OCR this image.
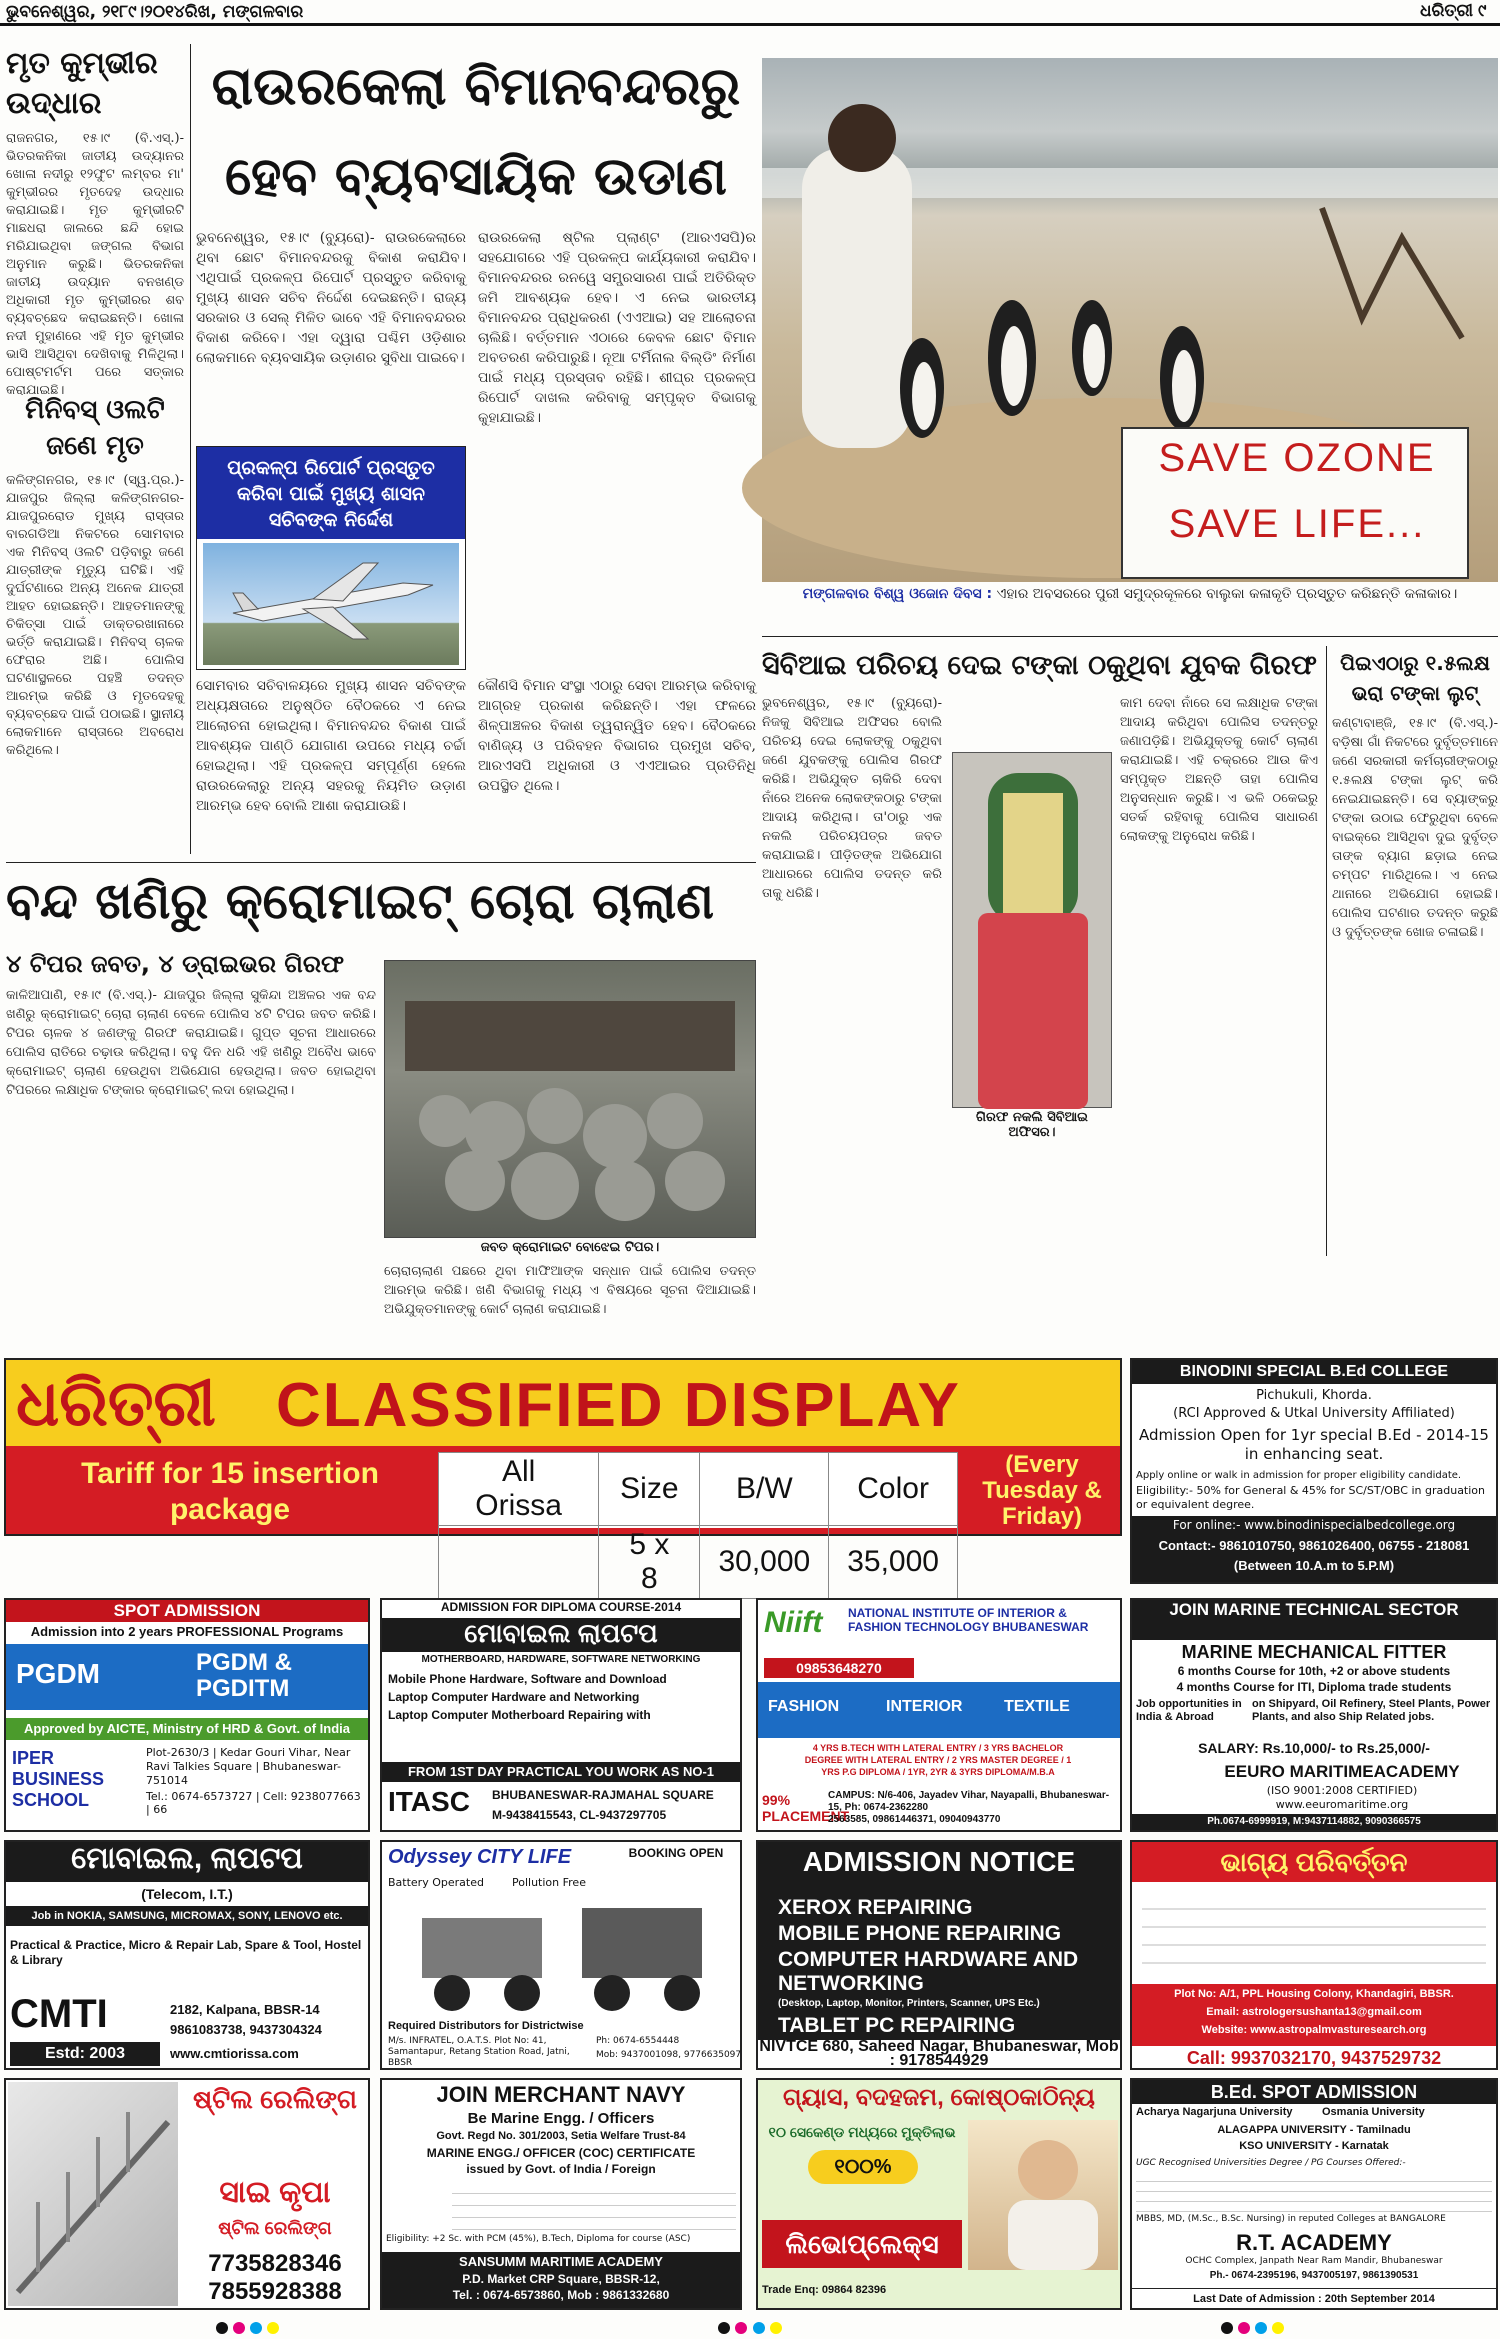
ଭୁବନେଶ୍ୱର, ୨୧୮୯।୨୦୧୪ରିଖ, ମଙ୍ଗଳବାର	ଧରିତ୍ରୀ ୯
ମୃତ କୁମ୍ଭୀର ଉଦ୍ଧାର
ରାଜନଗର, ୧୫।୯ (ବି.ଏସ୍.)- ଭିତରକନିକା ଜାତୀୟ ଉଦ୍ୟାନର ଖୋଳା ନଦୀରୁ ୧୨ଫୁଟ ଲମ୍ବର ମା' କୁମ୍ଭୀରର ମୃତଦେହ ଉଦ୍ଧାର କରାଯାଇଛି। ମୃତ କୁମ୍ଭୀରଟି ମାଛଧରା ଜାଲରେ ଛନ୍ଦି ହୋଇ ମରିଯାଇଥିବା ଜଙ୍ଗଲ ବିଭାଗ ଅନୁମାନ କରୁଛି। ଭିତରକନିକା ଜାତୀୟ ଉଦ୍ୟାନ ବନଖଣ୍ଡ ଅଧିକାରୀ ମୃତ କୁମ୍ଭୀରର ଶବ ବ୍ୟବଚ୍ଛେଦ କରାଇଛନ୍ତି। ଖୋଳା ନଦୀ ମୁହାଣରେ ଏହି ମୃତ କୁମ୍ଭୀର ଭାସି ଆସିଥିବା ଦେଖିବାକୁ ମିଳିଥିଲା। ପୋଷ୍ଟମର୍ଟମ ପରେ ସତ୍କାର କରାଯାଇଛି।
ମିନିବସ୍ ଓଲଟି ଜଣେ ମୃତ
କଳିଙ୍ଗନଗର, ୧୫।୯ (ସ୍ୱ.ପ୍ର.)- ଯାଜପୁର ଜିଲ୍ଲା କଳିଙ୍ଗନଗର-ଯାଜପୁରରୋଡ ମୁଖ୍ୟ ରାସ୍ତାର ବାରଗଡିଆ ନିକଟରେ ସୋମବାର ଏକ ମିନିବସ୍ ଓଲଟି ପଡ଼ିବାରୁ ଜଣେ ଯାତ୍ରୀଙ୍କ ମୃତ୍ୟୁ ଘଟିଛି। ଏହି ଦୁର୍ଘଟଣାରେ ଅନ୍ୟ ଅନେକ ଯାତ୍ରୀ ଆହତ ହୋଇଛନ୍ତି। ଆହତମାନଙ୍କୁ ଚିକିତ୍ସା ପାଇଁ ଡାକ୍ତରଖାନାରେ ଭର୍ତ୍ତି କରାଯାଇଛି। ମିନିବସ୍ ଚାଳକ ଫେରାର ଅଛି। ପୋଲିସ ଘଟଣାସ୍ଥଳରେ ପହଞ୍ଚି ତଦନ୍ତ ଆରମ୍ଭ କରିଛି ଓ ମୃତଦେହକୁ ବ୍ୟବଚ୍ଛେଦ ପାଇଁ ପଠାଇଛି। ସ୍ଥାନୀୟ ଲୋକମାନେ ରାସ୍ତାରେ ଅବରୋଧ କରିଥିଲେ।
ରାଉରକେଲା ବିମାନବନ୍ଦରରୁ
ହେବ ବ୍ୟବସାୟିକ ଉଡାଣ
ଭୁବନେଶ୍ୱର, ୧୫।୯ (ବ୍ୟୁରୋ)- ରାଉରକେଲାରେ ଥିବା ଛୋଟ ବିମାନବନ୍ଦରକୁ ବିକାଶ କରାଯିବ। ଏଥିପାଇଁ ପ୍ରକଳ୍ପ ରିପୋର୍ଟ ପ୍ରସ୍ତୁତ କରିବାକୁ ମୁଖ୍ୟ ଶାସନ ସଚିବ ନିର୍ଦ୍ଦେଶ ଦେଇଛନ୍ତି। ରାଜ୍ୟ ସରକାର ଓ ସେଲ୍ ମିଳିତ ଭାବେ ଏହି ବିମାନବନ୍ଦରର ବିକାଶ କରିବେ। ଏହା ଦ୍ୱାରା ପଶ୍ଚିମ ଓଡ଼ିଶାର ଲୋକମାନେ ବ୍ୟବସାୟିକ ଉଡ଼ାଣର ସୁବିଧା ପାଇବେ।
ରାଉରକେଲା ଷ୍ଟିଲ ପ୍ଲାଣ୍ଟ (ଆରଏସପି)ର ସହଯୋଗରେ ଏହି ପ୍ରକଳ୍ପ କାର୍ଯ୍ୟକାରୀ କରାଯିବ। ବିମାନବନ୍ଦରର ରନୱେ ସମ୍ପ୍ରସାରଣ ପାଇଁ ଅତିରିକ୍ତ ଜମି ଆବଶ୍ୟକ ହେବ। ଏ ନେଇ ଭାରତୀୟ ବିମାନବନ୍ଦର ପ୍ରାଧିକରଣ (ଏଏଆଇ) ସହ ଆଲୋଚନା ଚାଲିଛି। ବର୍ତ୍ତମାନ ଏଠାରେ କେବଳ ଛୋଟ ବିମାନ ଅବତରଣ କରିପାରୁଛି। ନୂଆ ଟର୍ମିନାଲ ବିଲ୍ଡିଂ ନିର୍ମାଣ ପାଇଁ ମଧ୍ୟ ପ୍ରସ୍ତାବ ରହିଛି। ଶୀଘ୍ର ପ୍ରକଳ୍ପ ରିପୋର୍ଟ ଦାଖଲ କରିବାକୁ ସମ୍ପୃକ୍ତ ବିଭାଗକୁ କୁହାଯାଇଛି।
ପ୍ରକଳ୍ପ ରିପୋର୍ଟ ପ୍ରସ୍ତୁତ କରିବା ପାଇଁ ମୁଖ୍ୟ ଶାସନ ସଚିବଙ୍କ ନିର୍ଦ୍ଦେଶ
ସୋମବାର ସଚିବାଳୟରେ ମୁଖ୍ୟ ଶାସନ ସଚିବଙ୍କ ଅଧ୍ୟକ୍ଷତାରେ ଅନୁଷ୍ଠିତ ବୈଠକରେ ଏ ନେଇ ଆଲୋଚନା ହୋଇଥିଲା। ବିମାନବନ୍ଦର ବିକାଶ ପାଇଁ ଆବଶ୍ୟକ ପାଣ୍ଠି ଯୋଗାଣ ଉପରେ ମଧ୍ୟ ଚର୍ଚ୍ଚା ହୋଇଥିଲା। ଏହି ପ୍ରକଳ୍ପ ସମ୍ପୂର୍ଣ୍ଣ ହେଲେ ରାଉରକେଲାରୁ ଅନ୍ୟ ସହରକୁ ନିୟମିତ ଉଡ଼ାଣ ଆରମ୍ଭ ହେବ ବୋଲି ଆଶା କରାଯାଉଛି।
କୌଣସି ବିମାନ ସଂସ୍ଥା ଏଠାରୁ ସେବା ଆରମ୍ଭ କରିବାକୁ ଆଗ୍ରହ ପ୍ରକାଶ କରିଛନ୍ତି। ଏହା ଫଳରେ ଶିଳ୍ପାଞ୍ଚଳର ବିକାଶ ତ୍ୱରାନ୍ୱିତ ହେବ। ବୈଠକରେ ବାଣିଜ୍ୟ ଓ ପରିବହନ ବିଭାଗର ପ୍ରମୁଖ ସଚିବ, ଆରଏସପି ଅଧିକାରୀ ଓ ଏଏଆଇର ପ୍ରତିନିଧି ଉପସ୍ଥିତ ଥିଲେ।
SAVE OZONE
SAVE LIFE...
ମଙ୍ଗଳବାର ବିଶ୍ୱ ଓଜୋନ ଦିବସ : ଏହାର ଅବସରରେ ପୁରୀ ସମୁଦ୍ରକୂଳରେ ବାଲୁକା କଳାକୃତି ପ୍ରସ୍ତୁତ କରିଛନ୍ତି କଳାକାର।
ସିବିଆଇ ପରିଚୟ ଦେଇ ଟଙ୍କା ଠକୁଥିବା ଯୁବକ ଗିରଫ
ଭୁବନେଶ୍ୱର, ୧୫।୯ (ବ୍ୟୁରୋ)- ନିଜକୁ ସିବିଆଇ ଅଫିସର ବୋଲି ପରିଚୟ ଦେଇ ଲୋକଙ୍କୁ ଠକୁଥିବା ଜଣେ ଯୁବକଙ୍କୁ ପୋଲିସ ଗିରଫ କରିଛି। ଅଭିଯୁକ୍ତ ଚାକିରି ଦେବା ନାଁରେ ଅନେକ ଲୋକଙ୍କଠାରୁ ଟଙ୍କା ଆଦାୟ କରିଥିଲା। ତା'ଠାରୁ ଏକ ନକଲି ପରିଚୟପତ୍ର ଜବତ କରାଯାଇଛି। ପୀଡ଼ିତଙ୍କ ଅଭିଯୋଗ ଆଧାରରେ ପୋଲିସ ତଦନ୍ତ କରି ତାକୁ ଧରିଛି।
ଗିରଫ ନକଲି ସିବିଆଇ ଅଫିସର।
କାମ ଦେବା ନାଁରେ ସେ ଲକ୍ଷାଧିକ ଟଙ୍କା ଆଦାୟ କରିଥିବା ପୋଲିସ ତଦନ୍ତରୁ ଜଣାପଡ଼ିଛି। ଅଭିଯୁକ୍ତକୁ କୋର୍ଟ ଚାଲାଣ କରାଯାଇଛି। ଏହି ଚକ୍ରରେ ଆଉ କିଏ ସମ୍ପୃକ୍ତ ଅଛନ୍ତି ତାହା ପୋଲିସ ଅନୁସନ୍ଧାନ କରୁଛି। ଏ ଭଳି ଠକେଇରୁ ସତର୍କ ରହିବାକୁ ପୋଲିସ ସାଧାରଣ ଲୋକଙ୍କୁ ଅନୁରୋଧ କରିଛି।
ପିଇଏଠାରୁ ୧.୫ଲକ୍ଷ ଭରା ଟଙ୍କା ଲୁଟ୍
କଣ୍ଟାବାଞ୍ଜି, ୧୫।୯ (ବି.ଏସ୍.)- ବଡ଼ିଷା ଗାଁ ନିକଟରେ ଦୁର୍ବୃତ୍ତମାନେ ଜଣେ ସରକାରୀ କର୍ମଚାରୀଙ୍କଠାରୁ ୧.୫ଲକ୍ଷ ଟଙ୍କା ଲୁଟ୍ କରି ନେଇଯାଇଛନ୍ତି। ସେ ବ୍ୟାଙ୍କରୁ ଟଙ୍କା ଉଠାଇ ଫେରୁଥିବା ବେଳେ ବାଇକ୍‌ରେ ଆସିଥିବା ଦୁଇ ଦୁର୍ବୃତ୍ତ ତାଙ୍କ ବ୍ୟାଗ ଛଡ଼ାଇ ନେଇ ଚମ୍ପଟ ମାରିଥିଲେ। ଏ ନେଇ ଥାନାରେ ଅଭିଯୋଗ ହୋଇଛି। ପୋଲିସ ଘଟଣାର ତଦନ୍ତ କରୁଛି ଓ ଦୁର୍ବୃତ୍ତଙ୍କ ଖୋଜ ଚଳାଇଛି।
ବନ୍ଦ ଖଣିରୁ କ୍ରୋମାଇଟ୍ ଚୋରା ଚାଲାଣ
୪ ଟିପର ଜବତ, ୪ ଡ୍ରାଇଭର ଗିରଫ
କାଳିଆପାଣି, ୧୫।୯ (ବି.ଏସ୍.)- ଯାଜପୁର ଜିଲ୍ଲା ସୁକିନ୍ଦା ଅଞ୍ଚଳର ଏକ ବନ୍ଦ ଖଣିରୁ କ୍ରୋମାଇଟ୍ ଚୋରା ଚାଲାଣ ବେଳେ ପୋଲିସ ୪ଟି ଟିପର ଜବତ କରିଛି। ଟିପର ଚାଳକ ୪ ଜଣଙ୍କୁ ଗିରଫ କରାଯାଇଛି। ଗୁପ୍ତ ସୂଚନା ଆଧାରରେ ପୋଲିସ ରାତିରେ ଚଢ଼ାଉ କରିଥିଲା। ବହୁ ଦିନ ଧରି ଏହି ଖଣିରୁ ଅବୈଧ ଭାବେ କ୍ରୋମାଇଟ୍ ଚାଲାଣ ହେଉଥିବା ଅଭିଯୋଗ ହେଉଥିଲା। ଜବତ ହୋଇଥିବା ଟିପରରେ ଲକ୍ଷାଧିକ ଟଙ୍କାର କ୍ରୋମାଇଟ୍ ଲଦା ହୋଇଥିଲା।
ଜବତ କ୍ରୋମାଇଟ ବୋଝେଇ ଟିପର।
ଚୋରାଚାଲାଣ ପଛରେ ଥିବା ମାଫିଆଙ୍କ ସନ୍ଧାନ ପାଇଁ ପୋଲିସ ତଦନ୍ତ ଆରମ୍ଭ କରିଛି। ଖଣି ବିଭାଗକୁ ମଧ୍ୟ ଏ ବିଷୟରେ ସୂଚନା ଦିଆଯାଇଛି। ଅଭିଯୁକ୍ତମାନଙ୍କୁ କୋର୍ଟ ଚାଲାଣ କରାଯାଇଛି।
ଧରିତ୍ରୀ CLASSIFIED DISPLAY
Tariff for 15 insertion package
All Orissa	Size	B/W	Color
	5 x 8	30,000	35,000
(Every Tuesday & Friday)
BINODINI SPECIAL B.Ed COLLEGE
Pichukuli, Khorda.
(RCI Approved & Utkal University Affiliated)
Admission Open for 1yr special B.Ed - 2014-15 in enhancing seat.
Apply online or walk in admission for proper eligibility candidate.
Eligibility:- 50% for General & 45% for SC/ST/OBC in graduation or equivalent degree.
For online:- www.binodinispecialbedcollege.org
Contact:- 9861010750, 9861026400, 06755 - 218081 (Between 10.A.m to 5.P.M)
SPOT ADMISSION
Admission into 2 years PROFESSIONAL Programs
PGDM	PGDM & PGDITM
Approved by AICTE, Ministry of HRD & Govt. of India
IPER BUSINESS SCHOOL
Plot-2630/3 | Kedar Gouri Vihar, Near Ravi Talkies Square | Bhubaneswar-751014
Tel.: 0674-6573727 | Cell: 9238077663 | 66
ADMISSION FOR DIPLOMA COURSE-2014
ମୋବାଇଲ ଲାପଟପ
MOTHERBOARD, HARDWARE, SOFTWARE NETWORKING
Mobile Phone Hardware, Software and Download
Laptop Computer Hardware and Networking
Laptop Computer Motherboard Repairing with
FROM 1ST DAY PRACTICAL YOU WORK AS NO-1
ITASC	BHUBANESWAR-RAJMAHAL SQUARE
M-9438415543, CL-9437297705
Niift	NATIONAL INSTITUTE OF INTERIOR & FASHION TECHNOLOGY BHUBANESWAR
09853648270
FASHION	INTERIOR	TEXTILE
4 YRS B.TECH WITH LATERAL ENTRY / 3 YRS BACHELOR DEGREE WITH LATERAL ENTRY / 2 YRS MASTER DEGREE / 1 YRS P.G DIPLOMA / 1YR, 2YR & 3YRS DIPLOMA/M.B.A
99% PLACEMENT
CAMPUS: N/6-406, Jayadev Vihar, Nayapalli, Bhubaneswar-15, Ph: 0674-2362280
2563585, 09861446371, 09040943770
JOIN MARINE TECHNICAL SECTOR
MARINE MECHANICAL FITTER
6 months Course for 10th, +2 or above students
4 months Course for ITI, Diploma trade students
Job opportunities in India & Abroad
on Shipyard, Oil Refinery, Steel Plants, Power Plants, and also Ship Related jobs.
SALARY: Rs.10,000/- to Rs.25,000/-
EEURO MARITIMEACADEMY
(ISO 9001:2008 CERTIFIED)
www.eeuromaritime.org
Ph.0674-6999919, M:9437114882, 9090366575
ମୋବାଇଲ, ଲାପଟପ
(Telecom, I.T.)
Job in NOKIA, SAMSUNG, MICROMAX, SONY, LENOVO etc.
Practical & Practice, Micro & Repair Lab, Spare & Tool, Hostel & Library
CMTI
Estd: 2003
2182, Kalpana, BBSR-14
9861083738, 9437304324
www.cmtiorissa.com
Odyssey CITY LIFE	BOOKING OPEN
Battery Operated	Pollution Free
Required Distributors for Districtwise
M/s. INFRATEL, O.A.T.S. Plot No: 41, Samantapur, Retang Station Road, Jatni, BBSR
Ph: 0674-6554448
Mob: 9437001098, 9776635097
ADMISSION NOTICE
XEROX REPAIRING
MOBILE PHONE REPAIRING
COMPUTER HARDWARE AND NETWORKING
(Desktop, Laptop, Monitor, Printers, Scanner, UPS Etc.)
TABLET PC REPAIRING
NIVTCE 680, Saheed Nagar, Bhubaneswar, Mob : 9178544929
ଭାଗ୍ୟ ପରିବର୍ତ୍ତନ
Plot No: A/1, PPL Housing Colony, Khandagiri, BBSR.
Email: astrologersushanta13@gmail.com
Website: www.astropalmvasturesearch.org
Call: 9937032170, 9437529732
ଷ୍ଟିଲ ରେଲିଙ୍ଗ
ସାଇ କୃପା
ଷ୍ଟିଲ ରେଲିଙ୍ଗ
7735828346
7855928388
JOIN MERCHANT NAVY
Be Marine Engg. / Officers
Govt. Regd No. 301/2003, Setia Welfare Trust-84
MARINE ENGG./ OFFICER (COC) CERTIFICATE
issued by Govt. of India / Foreign
Eligibility: +2 Sc. with PCM (45%), B.Tech, Diploma for course (ASC)
SANSUMM MARITIME ACADEMY
P.D. Market CRP Square, BBSR-12,
Tel. : 0674-6573860, Mob : 9861332680
ଗ୍ୟାସ, ବଦହଜମ, କୋଷ୍ଠକାଠିନ୍ୟ
୧୦ ସେକେଣ୍ଡ ମଧ୍ୟରେ ମୁକ୍ତିଲାଭ
୧୦୦%
ଲିଭୋପ୍ଲେକ୍ସ
Trade Enq: 09864 82396
B.Ed. SPOT ADMISSION
Acharya Nagarjuna University	Osmania University
ALAGAPPA UNIVERSITY - Tamilnadu
KSO UNIVERSITY - Karnatak
UGC Recognised Universities Degree / PG Courses Offered:-
MBBS, MD, (M.Sc., B.Sc. Nursing) in reputed Colleges at BANGALORE
R.T. ACADEMY
OCHC Complex, Janpath Near Ram Mandir, Bhubaneswar
Ph.- 0674-2395196, 9437005197, 9861390531
Last Date of Admission : 20th September 2014
